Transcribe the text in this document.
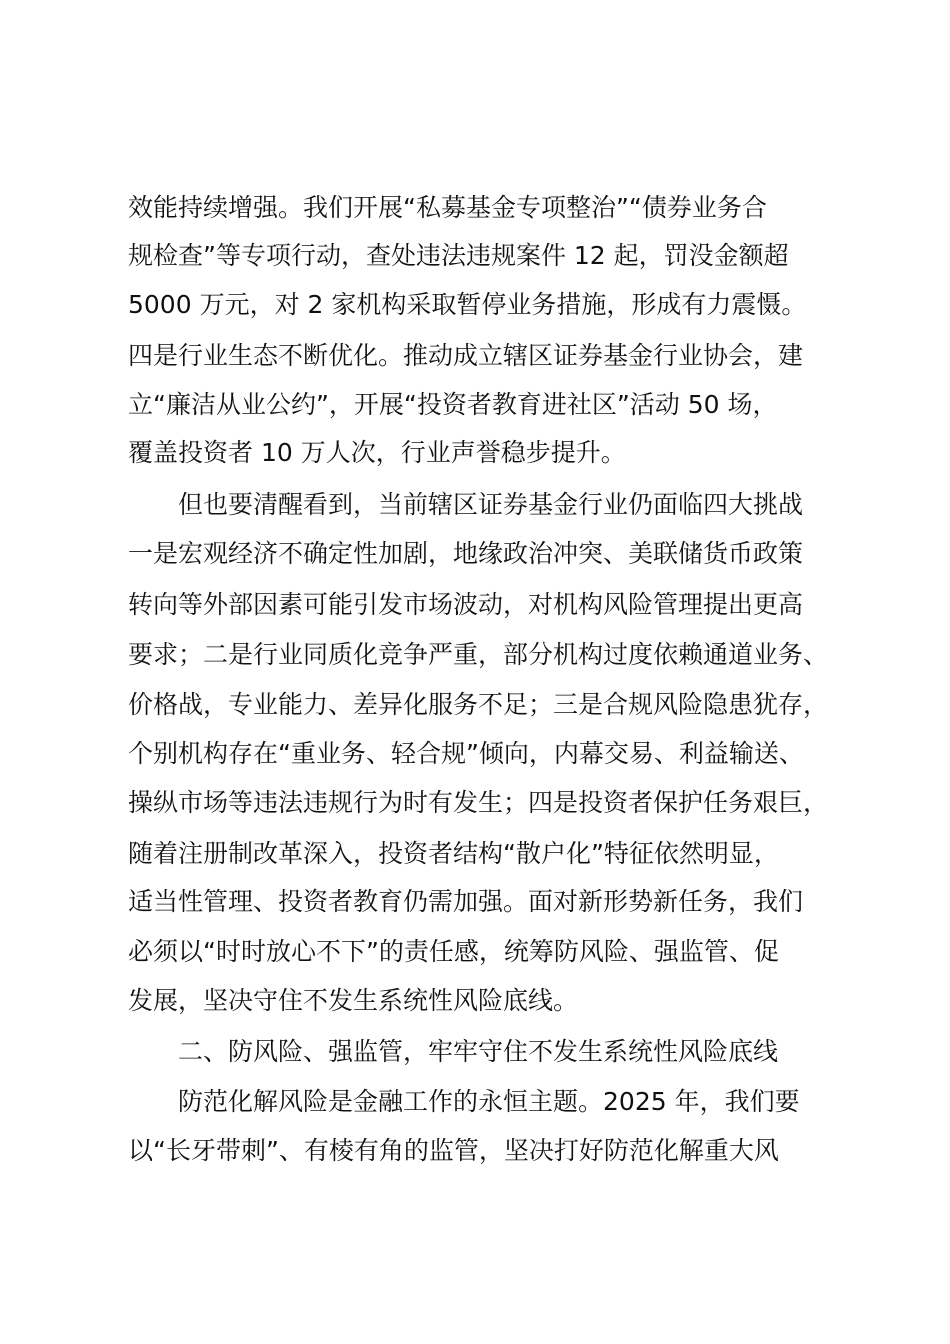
效能持续增强。我们开展“私募基金专项整治”“债券业务合
规检查”等专项行动，查处违法违规案件 12 起，罚没金额超
5000 万元，对 2 家机构采取暂停业务措施，形成有力震慑。
四是行业生态不断优化。推动成立辖区证券基金行业协会，建
立“廉洁从业公约”，开展“投资者教育进社区”活动 50 场，
覆盖投资者 10 万人次，行业声誉稳步提升。
但也要清醒看到，当前辖区证券基金行业仍面临四大挑战
一是宏观经济不确定性加剧，地缘政治冲突、美联储货币政策
转向等外部因素可能引发市场波动，对机构风险管理提出更高
要求；二是行业同质化竞争严重，部分机构过度依赖通道业务、
价格战，专业能力、差异化服务不足；三是合规风险隐患犹存，
个别机构存在“重业务、轻合规”倾向，内幕交易、利益输送、
操纵市场等违法违规行为时有发生；四是投资者保护任务艰巨，
随着注册制改革深入，投资者结构“散户化”特征依然明显，
适当性管理、投资者教育仍需加强。面对新形势新任务，我们
必须以“时时放心不下”的责任感，统筹防风险、强监管、促
发展，坚决守住不发生系统性风险底线。
二、防风险、强监管，牢牢守住不发生系统性风险底线
防范化解风险是金融工作的永恒主题。2025 年，我们要
以“长牙带刺”、有棱有角的监管，坚决打好防范化解重大风
